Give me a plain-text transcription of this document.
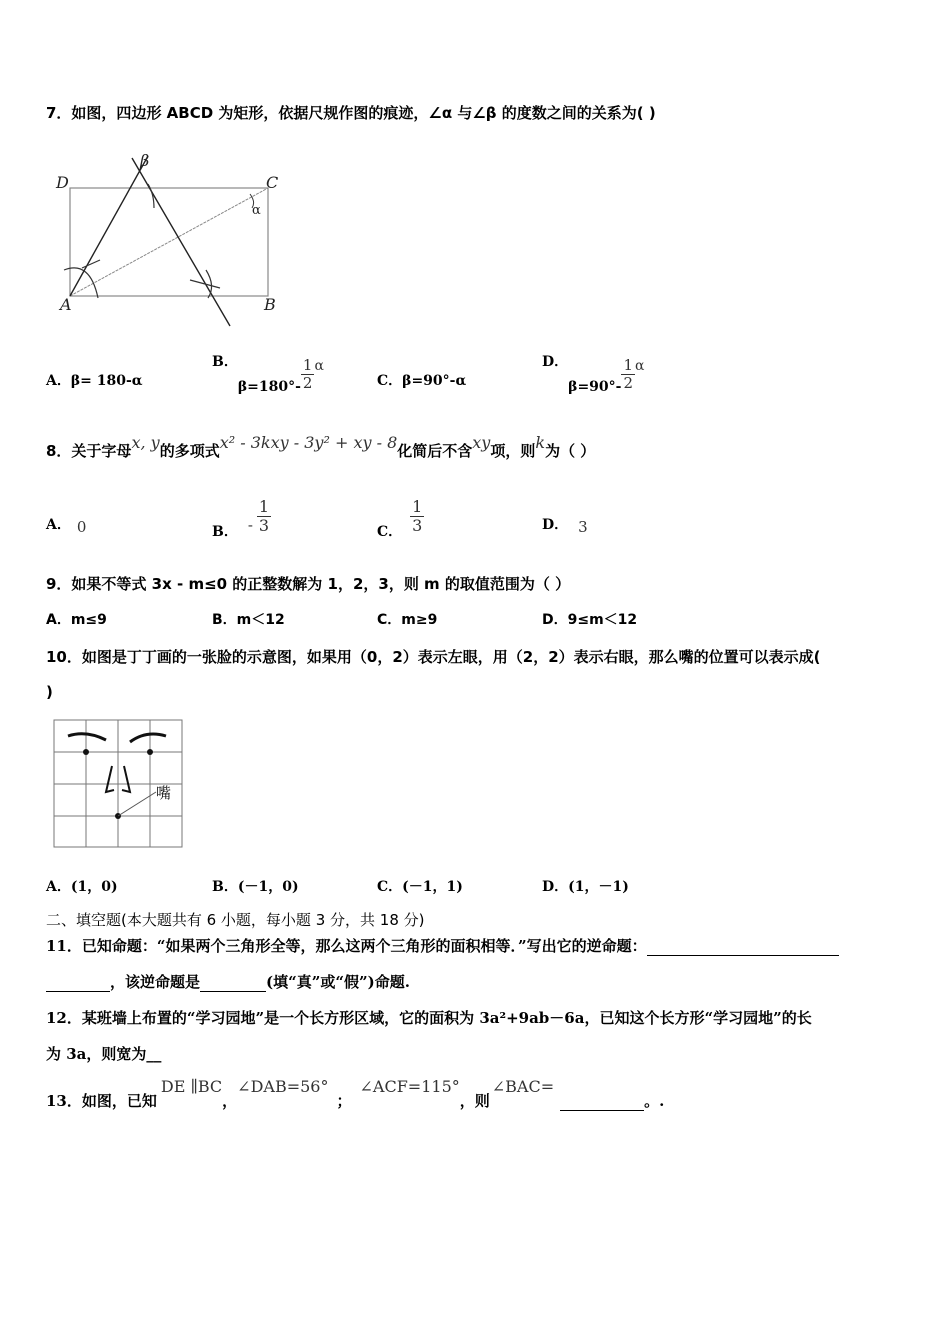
7．如图，四边形 ABCD 为矩形，依据尺规作图的痕迹，∠α 与∠β 的度数之间的关系为( )
D	C
A	B
α
β
A．β= 180-α
B．$\beta=180^\circ- \frac{1}{2}$ α
C．β=90°-α
D．$\beta=90^\circ- \frac{1}{2}$ α
8．关于字母x, y的多项式x² - 3kxy - 3y² + xy - 8化简后不含xy项，则k为（ ）
A． 0	B． - $\frac{1}{3}$	C． $\frac{1}{3}$	D． 3
9．如果不等式 3x - m≤0 的正整数解为 1，2，3，则 m 的取值范围为（ ）
A．m≤9	B．m＜12	C．m≥9	D．9≤m＜12
10．如图是丁丁画的一张脸的示意图，如果用（0，2）表示左眼，用（2，2）表示右眼，那么嘴的位置可以表示成(
)
嘴
A．(1，0)	B．(－1，0)	C．(－1，1)	D．(1，－1)
二、填空题(本大题共有 6 小题，每小题 3 分，共 18 分)
11．已知命题：“如果两个三角形全等，那么这两个三角形的面积相等．”写出它的逆命题：
，该逆命题是	(填“真”或“假”)命题.
12．某班墙上布置的“学习园地”是一个长方形区域，它的面积为 3a²+9ab－6a，已知这个长方形“学习园地”的长
为 3a，则宽为__
13．如图，已知DE ∥BC，∠DAB=56°；∠ACF=115°，则∠BAC= 。.
